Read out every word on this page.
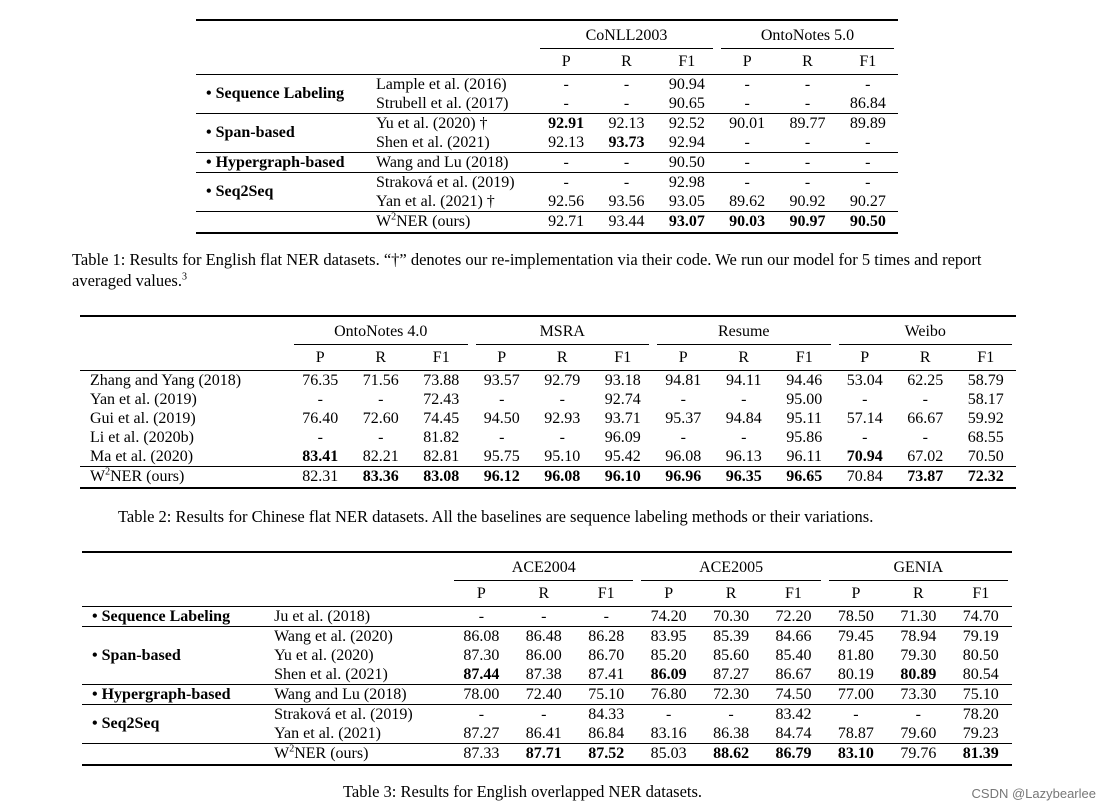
		CoNLL2003			OntoNotes 5.0		
		P	R	F1	P	R	F1
• Sequence Labeling	Lample et al. (2016)	-	-	90.94	-	-	-
	Strubell et al. (2017)	-	-	90.65	-	-	86.84
• Span-based	Yu et al. (2020) †	92.91	92.13	92.52	90.01	89.77	89.89
	Shen et al. (2021)	92.13	93.73	92.94	-	-	-
• Hypergraph-based	Wang and Lu (2018)	-	-	90.50	-	-	-
• Seq2Seq	Straková et al. (2019)	-	-	92.98	-	-	-
	Yan et al. (2021) †	92.56	93.56	93.05	89.62	90.92	90.27
	$W^2NER$ (ours)	92.71	93.44	93.07	90.03	90.97	90.50

Table 1: Results for English flat NER datasets. “†” denotes our re-implementation via their code. We run our model for 5 times and report averaged values.$^3$

	OntoNotes 4.0			MSRA			Resume			Weibo		
	P	R	F1	P	R	F1	P	R	F1	P	R	F1
Zhang and Yang (2018)	76.35	71.56	73.88	93.57	92.79	93.18	94.81	94.11	94.46	53.04	62.25	58.79
Yan et al. (2019)	-	-	72.43	-	-	92.74	-	-	95.00	-	-	58.17
Gui et al. (2019)	76.40	72.60	74.45	94.50	92.93	93.71	95.37	94.84	95.11	57.14	66.67	59.92
Li et al. (2020b)	-	-	81.82	-	-	96.09	-	-	95.86	-	-	68.55
Ma et al. (2020)	83.41	82.21	82.81	95.75	95.10	95.42	96.08	96.13	96.11	70.94	67.02	70.50
$W^2NER$ (ours)	82.31	83.36	83.08	96.12	96.08	96.10	96.96	96.35	96.65	70.84	73.87	72.32

Table 2: Results for Chinese flat NER datasets. All the baselines are sequence labeling methods or their variations.

		ACE2004			ACE2005			GENIA		
		P	R	F1	P	R	F1	P	R	F1
• Sequence Labeling	Ju et al. (2018)	-	-	-	74.20	70.30	72.20	78.50	71.30	74.70
• Span-based	Wang et al. (2020)	86.08	86.48	86.28	83.95	85.39	84.66	79.45	78.94	79.19
	Yu et al. (2020)	87.30	86.00	86.70	85.20	85.60	85.40	81.80	79.30	80.50
	Shen et al. (2021)	87.44	87.38	87.41	86.09	87.27	86.67	80.19	80.89	80.54
• Hypergraph-based	Wang and Lu (2018)	78.00	72.40	75.10	76.80	72.30	74.50	77.00	73.30	75.10
• Seq2Seq	Straková et al. (2019)	-	-	84.33	-	-	83.42	-	-	78.20
	Yan et al. (2021)	87.27	86.41	86.84	83.16	86.38	84.74	78.87	79.60	79.23
	$W^2NER$ (ours)	87.33	87.71	87.52	85.03	88.62	86.79	83.10	79.76	81.39

Table 3: Results for English overlapped NER datasets.	CSDN @Lazybearlee
